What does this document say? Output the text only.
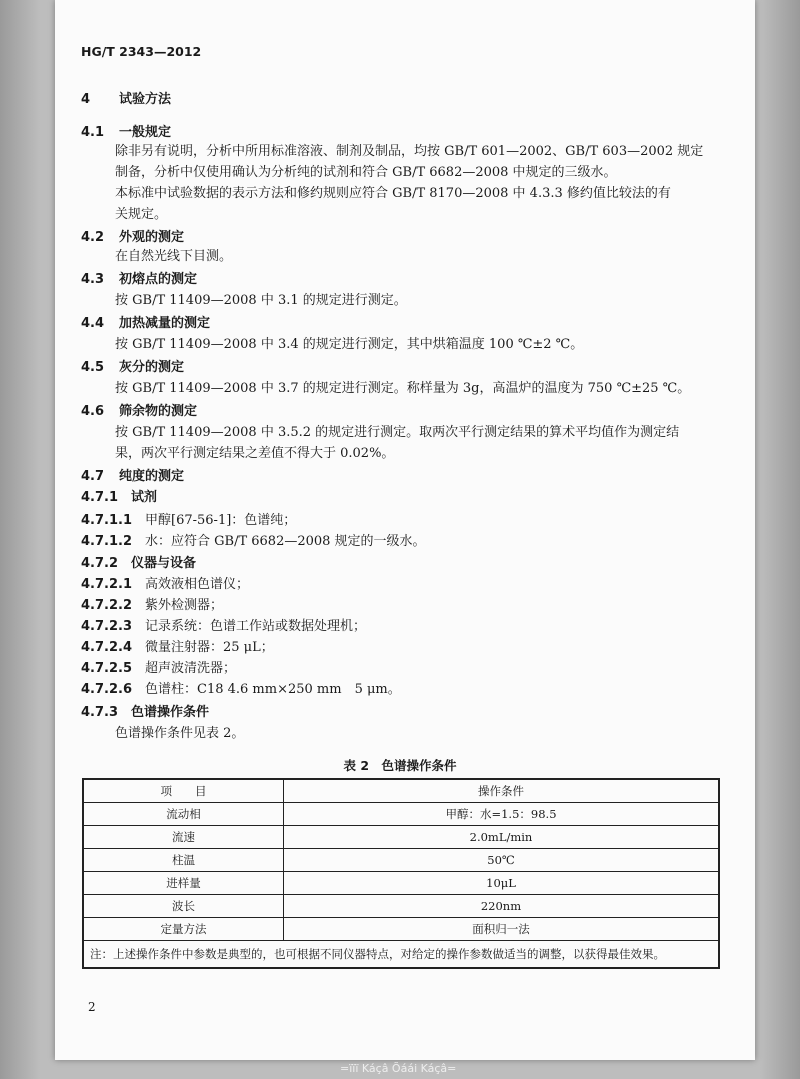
HG/T 2343—2012
4 试验方法
4.1 一般规定
除非另有说明，分析中所用标准溶液、制剂及制品，均按 GB/T 601—2002、GB/T 603—2002 规定
制备，分析中仅使用确认为分析纯的试剂和符合 GB/T 6682—2008 中规定的三级水。
本标准中试验数据的表示方法和修约规则应符合 GB/T 8170—2008 中 4.3.3 修约值比较法的有
关规定。
4.2 外观的测定
在自然光线下目测。
4.3 初熔点的测定
按 GB/T 11409—2008 中 3.1 的规定进行测定。
4.4 加热减量的测定
按 GB/T 11409—2008 中 3.4 的规定进行测定，其中烘箱温度 100 ℃±2 ℃。
4.5 灰分的测定
按 GB/T 11409—2008 中 3.7 的规定进行测定。称样量为 3g，高温炉的温度为 750 ℃±25 ℃。
4.6 筛余物的测定
按 GB/T 11409—2008 中 3.5.2 的规定进行测定。取两次平行测定结果的算术平均值作为测定结
果，两次平行测定结果之差值不得大于 0.02%。
4.7 纯度的测定
4.7.1 试剂
4.7.1.1 甲醇[67-56-1]：色谱纯；
4.7.1.2 水：应符合 GB/T 6682—2008 规定的一级水。
4.7.2 仪器与设备
4.7.2.1 高效液相色谱仪；
4.7.2.2 紫外检测器；
4.7.2.3 记录系统：色谱工作站或数据处理机；
4.7.2.4 微量注射器：25 μL；
4.7.2.5 超声波清洗器；
4.7.2.6 色谱柱：C18 4.6 mm×250 mm　5 μm。
4.7.3 色谱操作条件
色谱操作条件见表 2。
表 2　色谱操作条件
项　　目	操作条件
流动相	甲醇：水=1.5：98.5
流速	2.0mL/min
柱温	50℃
进样量	10μL
波长	220nm
定量方法	面积归一法
注：上述操作条件中参数是典型的，也可根据不同仪器特点，对给定的操作参数做适当的调整，以获得最佳效果。	
2
=ïïï Káçâ Õáái Káçâ=
